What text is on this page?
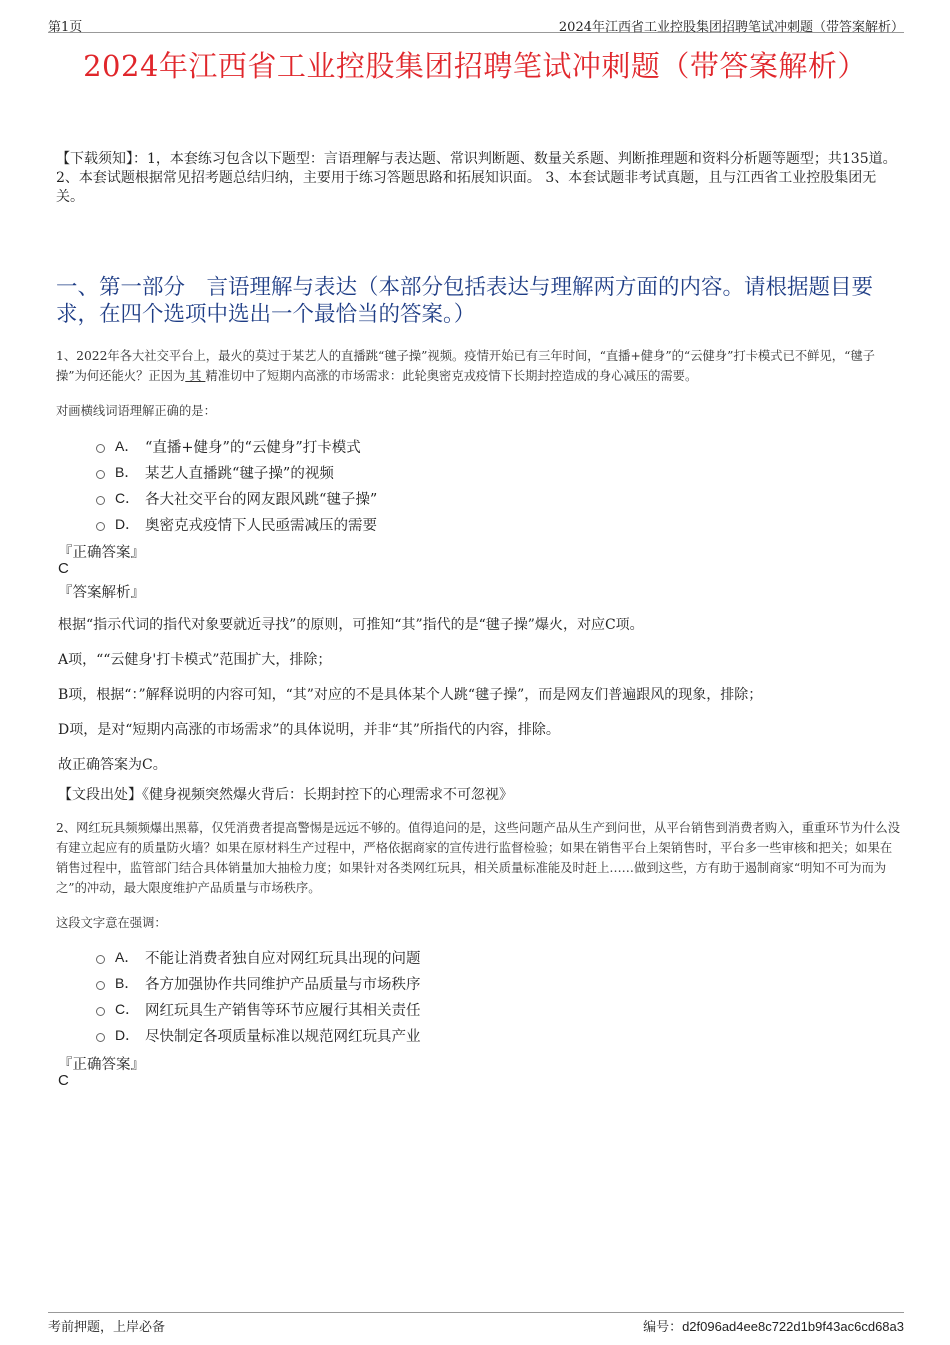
第1页	2024年江西省工业控股集团招聘笔试冲刺题（带答案解析）
2024年江西省工业控股集团招聘笔试冲刺题（带答案解析）
【下载须知】：1，本套练习包含以下题型：言语理解与表达题、常识判断题、数量关系题、判断推理题和资料分析题等题型；共135道。 2、本套试题根据常见招考题总结归纳，主要用于练习答题思路和拓展知识面。 3、本套试题非考试真题，且与江西省工业控股集团无关。
一、第一部分　言语理解与表达（本部分包括表达与理解两方面的内容。请根据题目要求，在四个选项中选出一个最恰当的答案。）
1、2022年各大社交平台上，最火的莫过于某艺人的直播跳“毽子操”视频。疫情开始已有三年时间，“直播+健身”的“云健身”打卡模式已不鲜见，“毽子操”为何还能火？正因为 其 精准切中了短期内高涨的市场需求：此轮奥密克戎疫情下长期封控造成的身心减压的需要。
对画横线词语理解正确的是：
A． “直播+健身”的“云健身”打卡模式
B． 某艺人直播跳“毽子操”的视频
C． 各大社交平台的网友跟风跳“毽子操”
D． 奥密克戎疫情下人民亟需减压的需要
『正确答案』
C
『答案解析』

根据“指示代词的指代对象要就近寻找”的原则，可推知“其”指代的是“毽子操”爆火，对应C项。

A项，““云健身'打卡模式”范围扩大，排除；

B项，根据“：”解释说明的内容可知，“其”对应的不是具体某个人跳“毽子操”，而是网友们普遍跟风的现象，排除；

D项，是对“短期内高涨的市场需求”的具体说明，并非“其”所指代的内容，排除。

故正确答案为C。

【文段出处】《健身视频突然爆火背后：长期封控下的心理需求不可忽视》
2、网红玩具频频爆出黑幕，仅凭消费者提高警惕是远远不够的。值得追问的是，这些问题产品从生产到问世，从平台销售到消费者购入，重重环节为什么没有建立起应有的质量防火墙？如果在原材料生产过程中，严格依据商家的宣传进行监督检验；如果在销售平台上架销售时，平台多一些审核和把关；如果在销售过程中，监管部门结合具体销量加大抽检力度；如果针对各类网红玩具，相关质量标准能及时赶上……做到这些，方有助于遏制商家“明知不可为而为之”的冲动，最大限度维护产品质量与市场秩序。
这段文字意在强调：
A． 不能让消费者独自应对网红玩具出现的问题
B． 各方加强协作共同维护产品质量与市场秩序
C． 网红玩具生产销售等环节应履行其相关责任
D． 尽快制定各项质量标准以规范网红玩具产业
『正确答案』
C
考前押题，上岸必备	编号：d2f096ad4ee8c722d1b9f43ac6cd68a3
